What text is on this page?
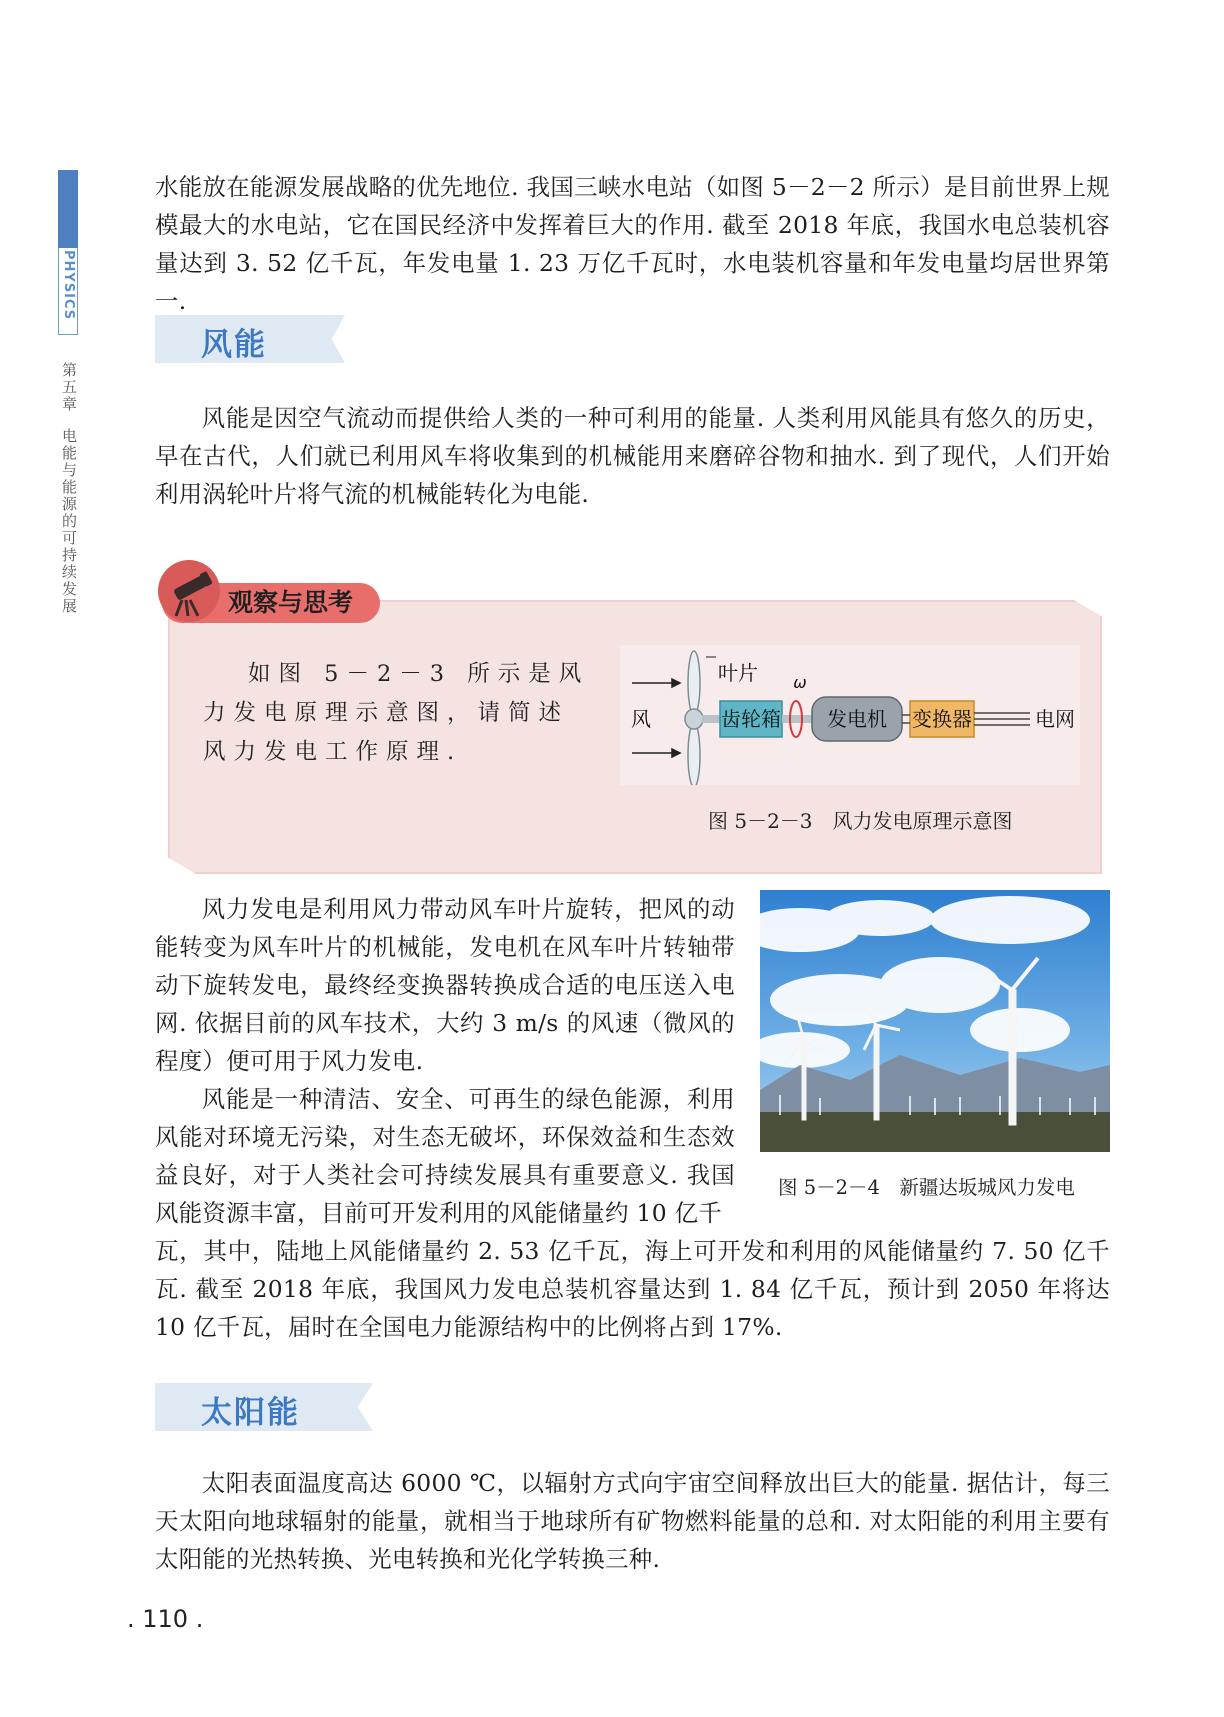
PHYSICS
第五章
电能与能源的可持续发展

水能放在能源发展战略的优先地位. 我国三峡水电站（如图 5－2－2 所示）是目前世界上规模最大的水电站，它在国民经济中发挥着巨大的作用. 截至 2018 年底，我国水电总装机容量达到 3. 52 亿千瓦，年发电量 1. 23 万亿千瓦时，水电装机容量和年发电量均居世界第一.

风能

风能是因空气流动而提供给人类的一种可利用的能量. 人类利用风能具有悠久的历史，早在古代，人们就已利用风车将收集到的机械能用来磨碎谷物和抽水. 到了现代，人们开始利用涡轮叶片将气流的机械能转化为电能.

观察与思考

如图 5－2－3 所示是风力发电原理示意图，请简述风力发电工作原理.

叶片
风
ω
齿轮箱	发电机	变换器	电网
图 5－2－3　风力发电原理示意图
图 5－2－4　新疆达坂城风力发电

风力发电是利用风力带动风车叶片旋转，把风的动能转变为风车叶片的机械能，发电机在风车叶片转轴带动下旋转发电，最终经变换器转换成合适的电压送入电网. 依据目前的风车技术，大约 3 m/s 的风速（微风的程度）便可用于风力发电.

风能是一种清洁、安全、可再生的绿色能源，利用风能对环境无污染，对生态无破坏，环保效益和生态效益良好，对于人类社会可持续发展具有重要意义. 我国风能资源丰富，目前可开发利用的风能储量约 10 亿千

瓦，其中，陆地上风能储量约 2. 53 亿千瓦，海上可开发和利用的风能储量约 7. 50 亿千瓦. 截至 2018 年底，我国风力发电总装机容量达到 1. 84 亿千瓦，预计到 2050 年将达 10 亿千瓦，届时在全国电力能源结构中的比例将占到 17%.

太阳能

太阳表面温度高达 6000 ℃，以辐射方式向宇宙空间释放出巨大的能量. 据估计，每三天太阳向地球辐射的能量，就相当于地球所有矿物燃料能量的总和. 对太阳能的利用主要有太阳能的光热转换、光电转换和光化学转换三种.

. 110 .
